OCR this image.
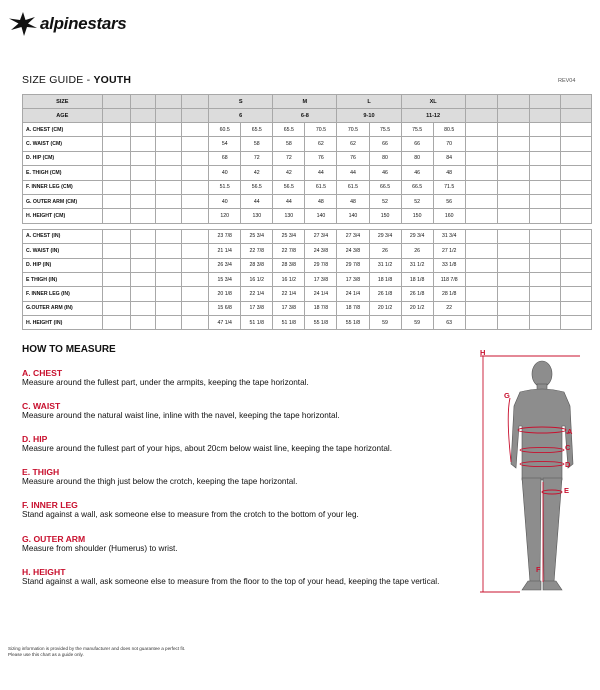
alpinestars
SIZE GUIDE - YOUTH	REV04
SIZE					S		M		L		XL					
AGE					6		6-8		9-10		11-12					
A. CHEST (CM)					60.5	65.5	65.5	70.5	70.5	75.5	75.5	80.5				
C. WAIST (CM)					54	58	58	62	62	66	66	70				
D. HIP (CM)					68	72	72	76	76	80	80	84				
E. THIGH (CM)					40	42	42	44	44	46	46	48				
F. INNER LEG (CM)					51.5	56.5	56.5	61.5	61.5	66.5	66.5	71.5				
G. OUTER ARM (CM)					40	44	44	48	48	52	52	56				
H. HEIGHT (CM)					120	130	130	140	140	150	150	160				

A. CHEST (IN)					23 7/8	25 3/4	25 3/4	27 3/4	27 3/4	29 3/4	29 3/4	31 3/4				
C. WAIST (IN)					21 1/4	22 7/8	22 7/8	24 3/8	24 3/8	26	26	27 1/2				
D. HIP (IN)					26 3/4	28 3/8	28 3/8	29 7/8	29 7/8	31 1/2	31 1/2	33 1/8				
E THIGH (IN)					15 3/4	16 1/2	16 1/2	17 3/8	17 3/8	18 1/8	18 1/8	118 7/8				
F. INNER LEG (IN)					20 1/8	22 1/4	22 1/4	24 1/4	24 1/4	26 1/8	26 1/8	28 1/8				
G.OUTER ARM (IN)					15 6/8	17 3/8	17 3/8	18 7/8	18 7/8	20 1/2	20 1/2	22				
H. HEIGHT (IN)					47 1/4	51 1/8	51 1/8	55 1/8	55 1/8	59	59	63				
HOW TO MEASURE
A. CHEST
Measure around the fullest part, under the armpits, keeping the tape horizontal.
C. WAIST
Measure around the natural waist line, inline with the navel, keeping the tape horizontal.
D. HIP
Measure around the fullest part of your hips, about 20cm below waist line, keeping the tape horizontal.
E. THIGH
Measure around the thigh just below the crotch, keeping the tape horizontal.
F. INNER LEG
Stand against a wall, ask someone else to measure from the crotch to the bottom of your leg.
G. OUTER ARM
Measure from shoulder (Humerus) to wrist.
H. HEIGHT
Stand against a wall, ask someone else to measure from the floor to the top of your head, keeping the tape vertical.
H
G
A
C
D
E
F
Sizing information is provided by the manufacturer and does not guarantee a perfect fit.
Please use this chart as a guide only.
